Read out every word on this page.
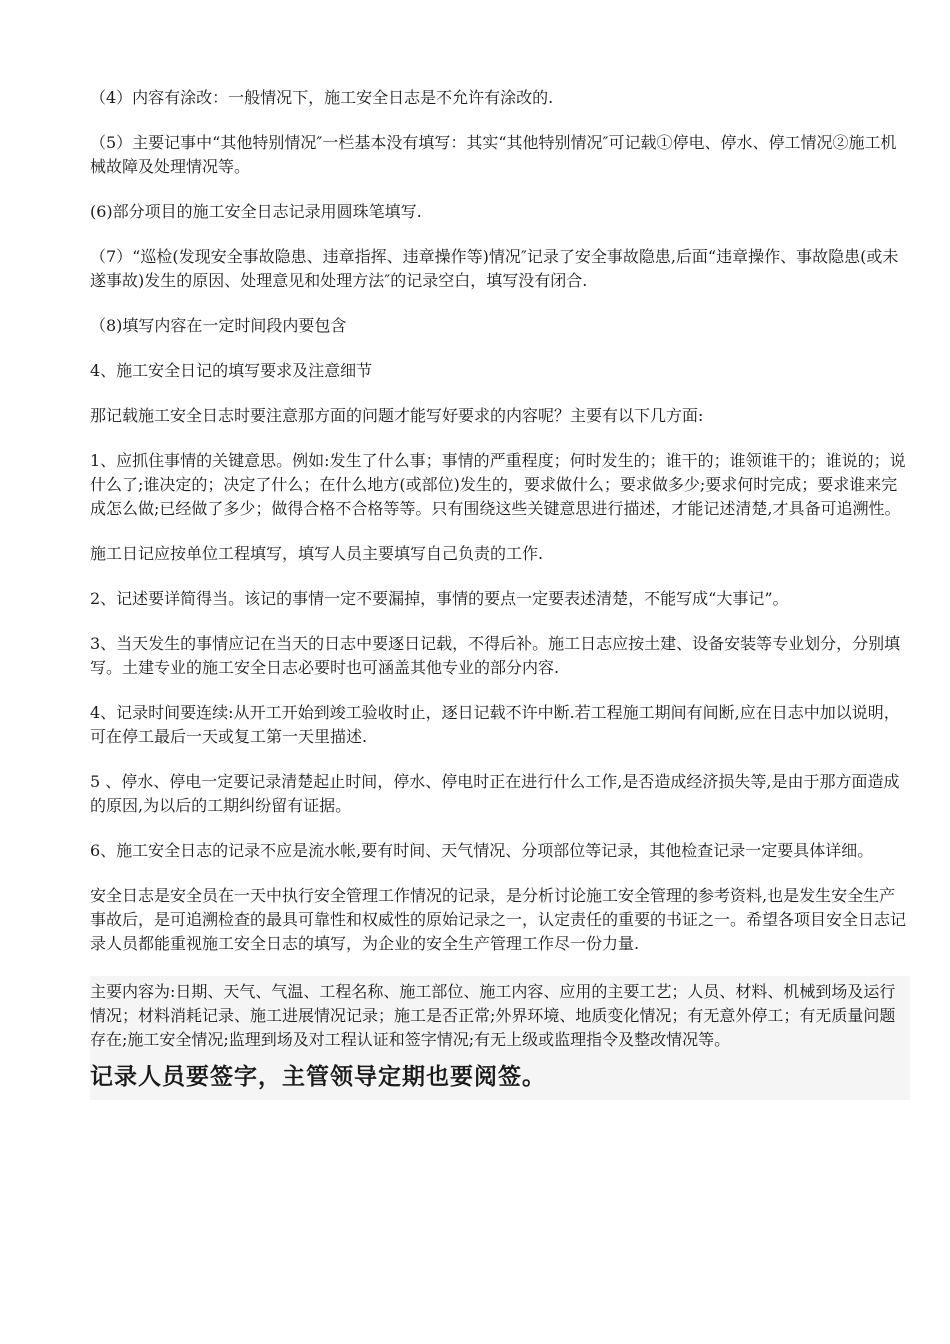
（4）内容有涂改：一般情况下，施工安全日志是不允许有涂改的.

（5）主要记事中“其他特别情况″一栏基本没有填写：其实“其他特别情况″可记载①停电、停水、停工情况②施工机械故障及处理情况等。

(6)部分项目的施工安全日志记录用圆珠笔填写.

（7）“巡检(发现安全事故隐患、违章指挥、违章操作等)情况″记录了安全事故隐患,后面“违章操作、事故隐患(或未遂事故)发生的原因、处理意见和处理方法″的记录空白，填写没有闭合.

（8)填写内容在一定时间段内要包含

4、施工安全日记的填写要求及注意细节

那记载施工安全日志时要注意那方面的问题才能写好要求的内容呢？主要有以下几方面:

1、应抓住事情的关键意思。例如:发生了什么事；事情的严重程度；何时发生的；谁干的；谁领谁干的；谁说的；说什么了;谁决定的；决定了什么；在什么地方(或部位)发生的，要求做什么；要求做多少;要求何时完成；要求谁来完成怎么做;已经做了多少；做得合格不合格等等。只有围绕这些关键意思进行描述，才能记述清楚,才具备可追溯性。

施工日记应按单位工程填写，填写人员主要填写自己负责的工作.

2、记述要详简得当。该记的事情一定不要漏掉，事情的要点一定要表述清楚，不能写成“大事记”。

3、当天发生的事情应记在当天的日志中要逐日记载，不得后补。施工日志应按土建、设备安装等专业划分，分别填写。土建专业的施工安全日志必要时也可涵盖其他专业的部分内容.

4、记录时间要连续:从开工开始到竣工验收时止，逐日记载不许中断.若工程施工期间有间断,应在日志中加以说明，可在停工最后一天或复工第一天里描述.

5 、停水、停电一定要记录清楚起止时间，停水、停电时正在进行什么工作,是否造成经济损失等,是由于那方面造成的原因,为以后的工期纠纷留有证据。

6、施工安全日志的记录不应是流水帐,要有时间、天气情况、分项部位等记录，其他检查记录一定要具体详细。

安全日志是安全员在一天中执行安全管理工作情况的记录，是分析讨论施工安全管理的参考资料,也是发生安全生产事故后，是可追溯检查的最具可靠性和权威性的原始记录之一，认定责任的重要的书证之一。希望各项目安全日志记录人员都能重视施工安全日志的填写，为企业的安全生产管理工作尽一份力量.

主要内容为:日期、天气、气温、工程名称、施工部位、施工内容、应用的主要工艺；人员、材料、机械到场及运行情况；材料消耗记录、施工进展情况记录；施工是否正常;外界环境、地质变化情况；有无意外停工；有无质量问题存在;施工安全情况;监理到场及对工程认证和签字情况;有无上级或监理指令及整改情况等。

记录人员要签字，主管领导定期也要阅签。
